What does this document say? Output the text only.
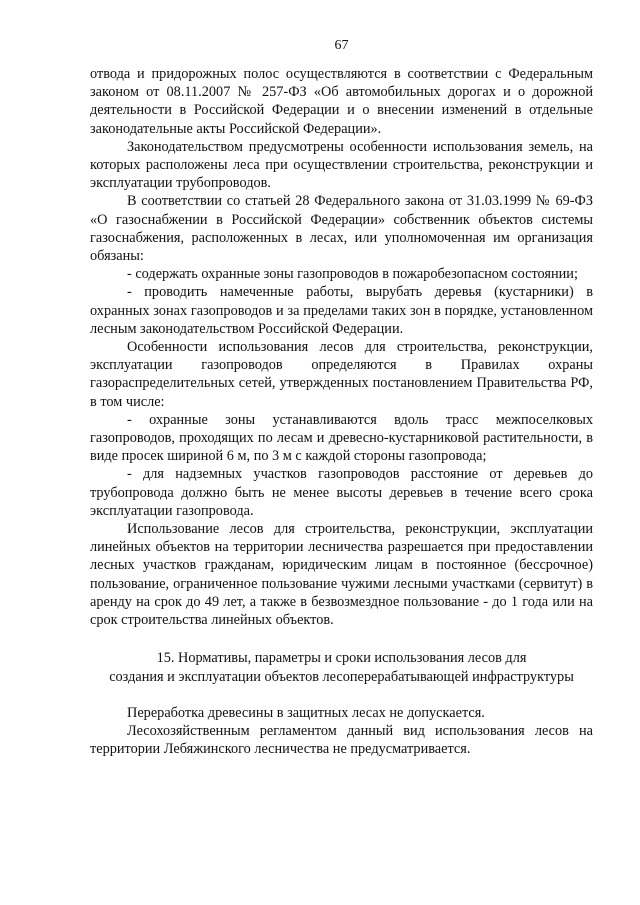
67

отвода и придорожных полос осуществляются в соответствии с Федеральным законом от 08.11.2007 № 257-ФЗ «Об автомобильных дорогах и о дорожной деятельности в Российской Федерации и о внесении изменений в отдельные законодательные акты Российской Федерации».

Законодательством предусмотрены особенности использования земель, на которых расположены леса при осуществлении строительства, реконструкции и эксплуатации трубопроводов.

В соответствии со статьей 28 Федерального закона от 31.03.1999 № 69-ФЗ «О газоснабжении в Российской Федерации» собственник объектов системы газоснабжения, расположенных в лесах, или уполномоченная им организация обязаны:

- содержать охранные зоны газопроводов в пожаробезопасном состоянии;

- проводить намеченные работы, вырубать деревья (кустарники) в охранных зонах газопроводов и за пределами таких зон в порядке, установленном лесным законодательством Российской Федерации.

Особенности использования лесов для строительства, реконструкции, эксплуатации газопроводов определяются в Правилах охраны газораспределительных сетей, утвержденных постановлением Правительства РФ, в том числе:

- охранные зоны устанавливаются вдоль трасс межпоселковых газопроводов, проходящих по лесам и древесно-кустарниковой растительности, в виде просек шириной 6 м, по 3 м с каждой стороны газопровода;

- для надземных участков газопроводов расстояние от деревьев до трубопровода должно быть не менее высоты деревьев в течение всего срока эксплуатации газопровода.

Использование лесов для строительства, реконструкции, эксплуатации линейных объектов на территории лесничества разрешается при предоставлении лесных участков гражданам, юридическим лицам в постоянное (бессрочное) пользование, ограниченное пользование чужими лесными участками (сервитут) в аренду на срок до 49 лет, а также в безвозмездное пользование - до 1 года или на срок строительства линейных объектов.

15. Нормативы, параметры и сроки использования лесов для
создания и эксплуатации объектов лесоперерабатывающей инфраструктуры

Переработка древесины в защитных лесах не допускается.

Лесохозяйственным регламентом данный вид использования лесов на территории Лебяжинского лесничества не предусматривается.
